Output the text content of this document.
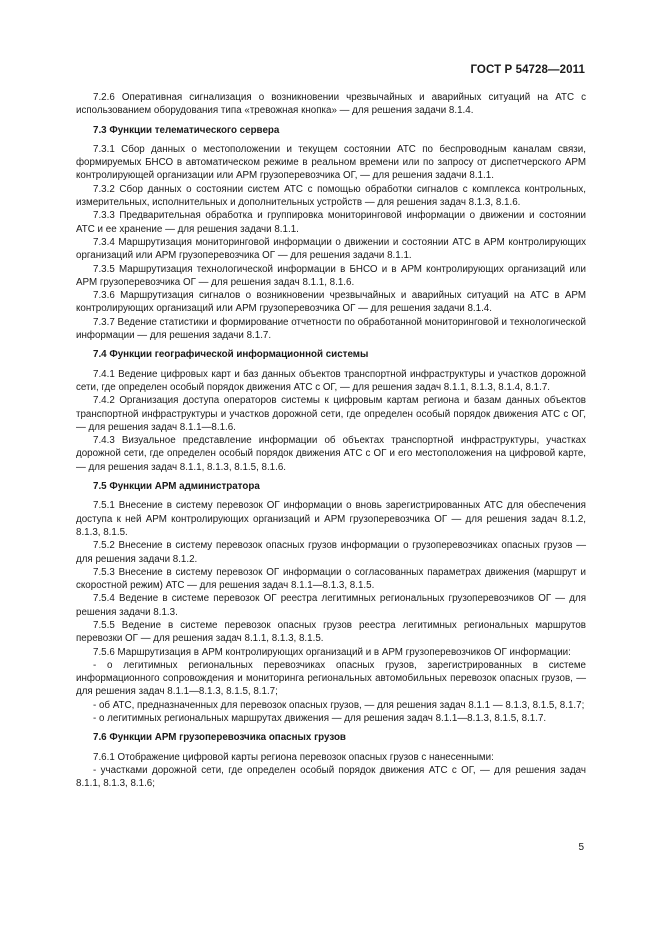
ГОСТ Р 54728—2011

7.2.6 Оперативная сигнализация о возникновении чрезвычайных и аварийных ситуаций на АТС с использованием оборудования типа «тревожная кнопка» — для решения задачи 8.1.4.

7.3 Функции телематического сервера

7.3.1 Сбор данных о местоположении и текущем состоянии АТС по беспроводным каналам связи, формируемых БНСО в автоматическом режиме в реальном времени или по запросу от диспетчерского АРМ контролирующей организации или АРМ грузоперевозчика ОГ, — для решения задачи 8.1.1.

7.3.2 Сбор данных о состоянии систем АТС с помощью обработки сигналов с комплекса контрольных, измерительных, исполнительных и дополнительных устройств — для решения задач 8.1.3, 8.1.6.

7.3.3 Предварительная обработка и группировка мониторинговой информации о движении и состоянии АТС и ее хранение — для решения задачи 8.1.1.

7.3.4 Маршрутизация мониторинговой информации о движении и состоянии АТС в АРМ контролирующих организаций или АРМ грузоперевозчика ОГ — для решения задачи 8.1.1.

7.3.5 Маршрутизация технологической информации в БНСО и в АРМ контролирующих организаций или АРМ грузоперевозчика ОГ — для решения задач 8.1.1, 8.1.6.

7.3.6 Маршрутизация сигналов о возникновении чрезвычайных и аварийных ситуаций на АТС в АРМ контролирующих организаций или АРМ грузоперевозчика ОГ — для решения задачи 8.1.4.

7.3.7 Ведение статистики и формирование отчетности по обработанной мониторинговой и технологической информации — для решения задачи 8.1.7.

7.4 Функции географической информационной системы

7.4.1 Ведение цифровых карт и баз данных объектов транспортной инфраструктуры и участков дорожной сети, где определен особый порядок движения АТС с ОГ, — для решения задач 8.1.1, 8.1.3, 8.1.4, 8.1.7.

7.4.2 Организация доступа операторов системы к цифровым картам региона и базам данных объектов транспортной инфраструктуры и участков дорожной сети, где определен особый порядок движения АТС с ОГ, — для решения задач 8.1.1—8.1.6.

7.4.3 Визуальное представление информации об объектах транспортной инфраструктуры, участках дорожной сети, где определен особый порядок движения АТС с ОГ и его местоположения на цифровой карте, — для решения задач 8.1.1, 8.1.3, 8.1.5, 8.1.6.

7.5 Функции АРМ администратора

7.5.1 Внесение в систему перевозок ОГ информации о вновь зарегистрированных АТС для обеспечения доступа к ней АРМ контролирующих организаций и АРМ грузоперевозчика ОГ — для решения задач 8.1.2, 8.1.3, 8.1.5.

7.5.2 Внесение в систему перевозок опасных грузов информации о грузоперевозчиках опасных грузов — для решения задачи 8.1.2.

7.5.3 Внесение в систему перевозок ОГ информации о согласованных параметрах движения (маршрут и скоростной режим) АТС — для решения задач 8.1.1—8.1.3, 8.1.5.

7.5.4 Ведение в системе перевозок ОГ реестра легитимных региональных грузоперевозчиков ОГ — для решения задачи 8.1.3.

7.5.5 Ведение в системе перевозок опасных грузов реестра легитимных региональных маршрутов перевозки ОГ — для решения задач 8.1.1, 8.1.3, 8.1.5.

7.5.6 Маршрутизация в АРМ контролирующих организаций и в АРМ грузоперевозчиков ОГ информации:

- о легитимных региональных перевозчиках опасных грузов, зарегистрированных в системе информационного сопровождения и мониторинга региональных автомобильных перевозок опасных грузов, — для решения задач 8.1.1—8.1.3, 8.1.5, 8.1.7;

- об АТС, предназначенных для перевозок опасных грузов, — для решения задач 8.1.1 — 8.1.3, 8.1.5, 8.1.7;

- о легитимных региональных маршрутах движения — для решения задач 8.1.1—8.1.3, 8.1.5, 8.1.7.

7.6 Функции АРМ грузоперевозчика опасных грузов

7.6.1 Отображение цифровой карты региона перевозок опасных грузов с нанесенными:

- участками дорожной сети, где определен особый порядок движения АТС с ОГ, — для решения задач 8.1.1, 8.1.3, 8.1.6;

5
